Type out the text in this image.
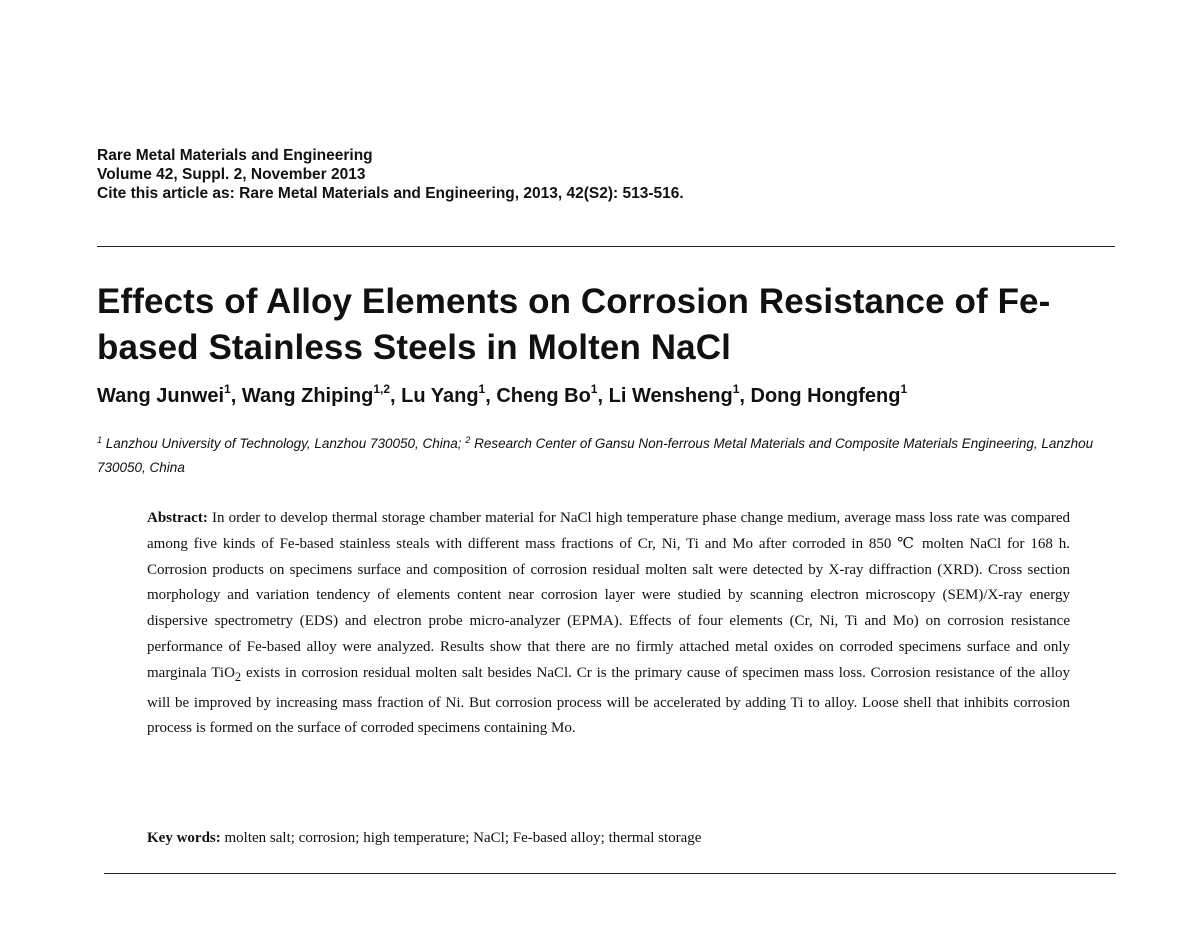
Rare Metal Materials and Engineering
Volume 42, Suppl. 2, November 2013
Cite this article as: Rare Metal Materials and Engineering, 2013, 42(S2): 513-516.
Effects of Alloy Elements on Corrosion Resistance of Fe-based Stainless Steels in Molten NaCl
Wang Junwei$^1$, Wang Zhiping$^{1,2}$, Lu Yang$^1$, Cheng Bo$^1$, Li Wensheng$^1$, Dong Hongfeng$^1$
$^1$ Lanzhou University of Technology, Lanzhou 730050, China; $^2$ Research Center of Gansu Non-ferrous Metal Materials and Composite Materials Engineering, Lanzhou 730050, China
Abstract: In order to develop thermal storage chamber material for NaCl high temperature phase change medium, average mass loss rate was compared among five kinds of Fe-based stainless steals with different mass fractions of Cr, Ni, Ti and Mo after corroded in 850 ℃ molten NaCl for 168 h. Corrosion products on specimens surface and composition of corrosion residual molten salt were detected by X-ray diffraction (XRD). Cross section morphology and variation tendency of elements content near corrosion layer were studied by scanning electron microscopy (SEM)/X-ray energy dispersive spectrometry (EDS) and electron probe micro-analyzer (EPMA). Effects of four elements (Cr, Ni, Ti and Mo) on corrosion resistance performance of Fe-based alloy were analyzed. Results show that there are no firmly attached metal oxides on corroded specimens surface and only marginala TiO$_2$ exists in corrosion residual molten salt besides NaCl. Cr is the primary cause of specimen mass loss. Corrosion resistance of the alloy will be improved by increasing mass fraction of Ni. But corrosion process will be accelerated by adding Ti to alloy. Loose shell that inhibits corrosion process is formed on the surface of corroded specimens containing Mo.
Key words: molten salt; corrosion; high temperature; NaCl; Fe-based alloy; thermal storage
